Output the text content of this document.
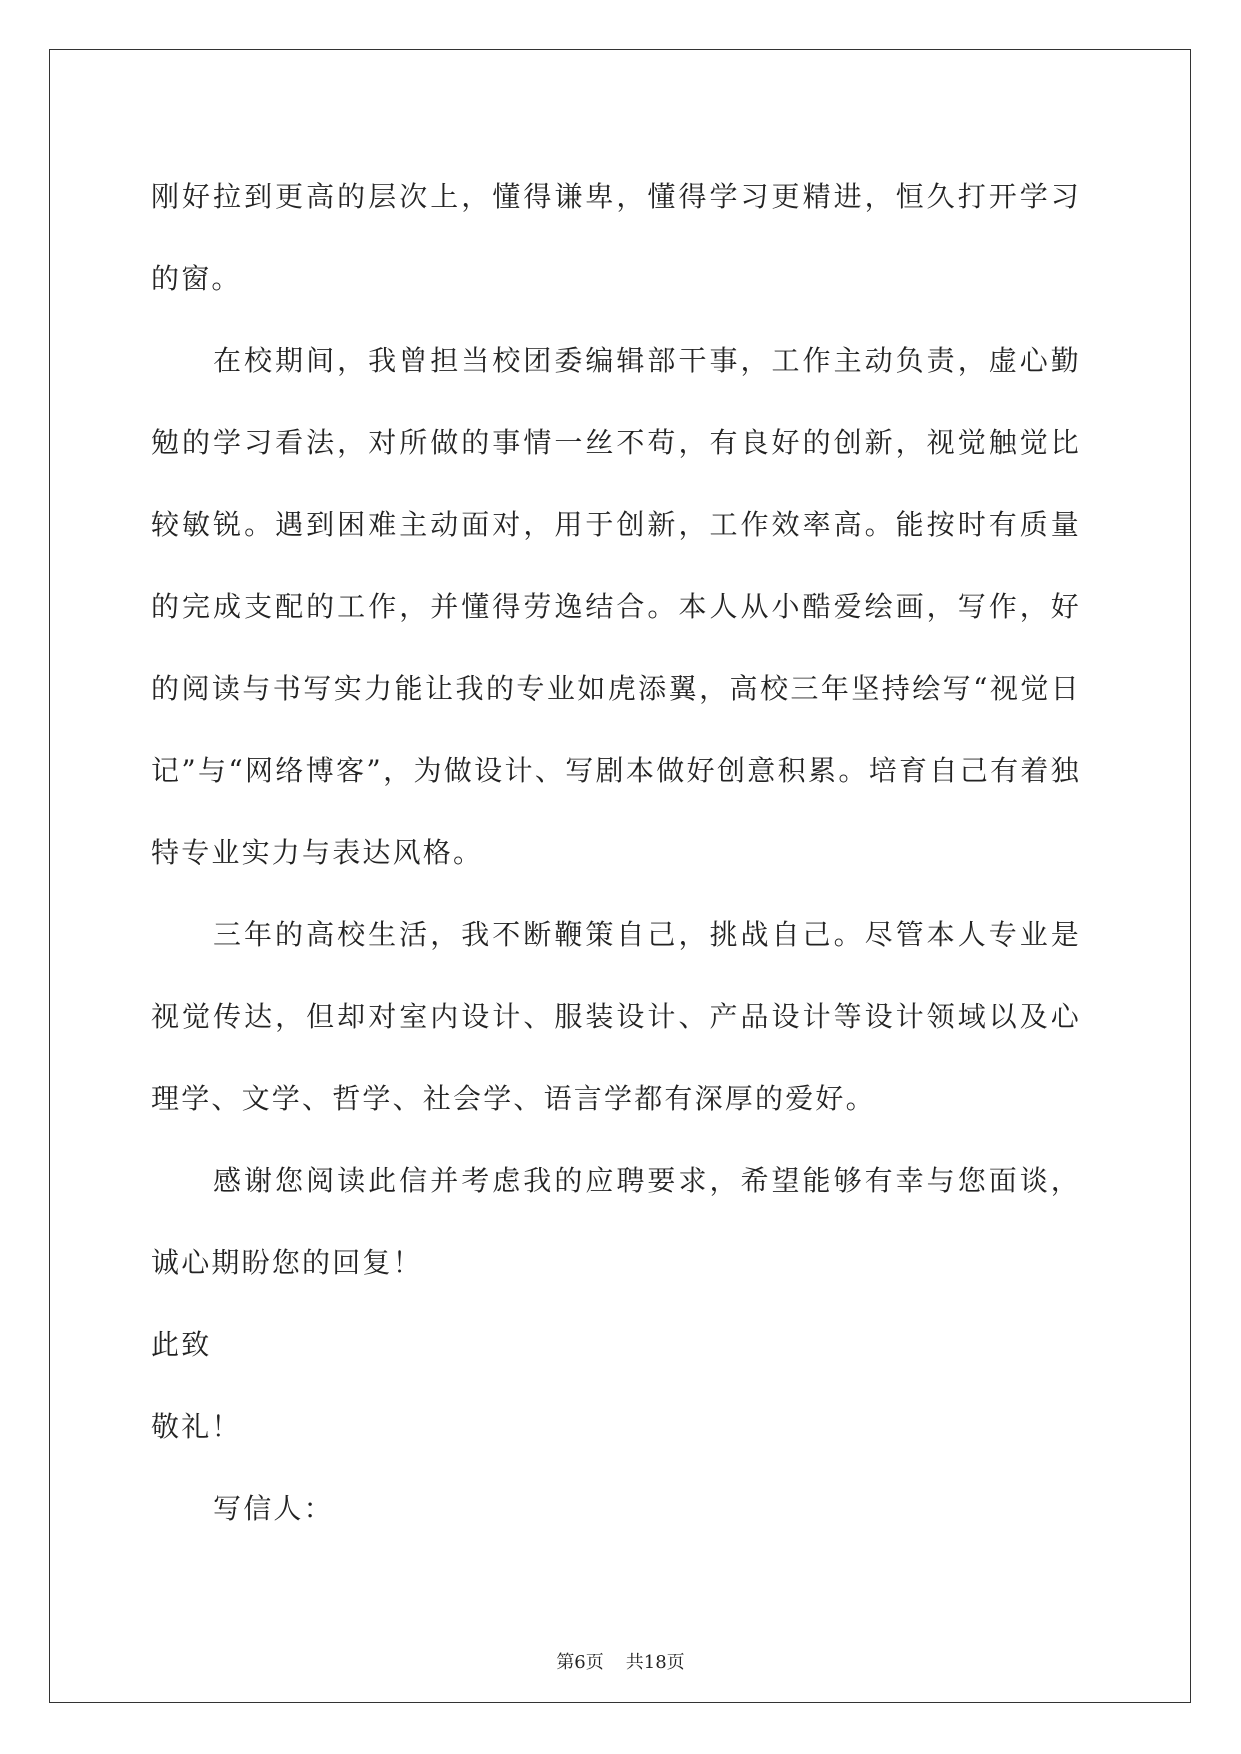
刚好拉到更高的层次上，懂得谦卑，懂得学习更精进，恒久打开学习的窗。

在校期间，我曾担当校团委编辑部干事，工作主动负责，虚心勤勉的学习看法，对所做的事情一丝不苟，有良好的创新，视觉触觉比较敏锐。遇到困难主动面对，用于创新，工作效率高。能按时有质量的完成支配的工作，并懂得劳逸结合。本人从小酷爱绘画，写作，好的阅读与书写实力能让我的专业如虎添翼，高校三年坚持绘写“视觉日记”与“网络博客”，为做设计、写剧本做好创意积累。培育自己有着独特专业实力与表达风格。

三年的高校生活，我不断鞭策自己，挑战自己。尽管本人专业是视觉传达，但却对室内设计、服装设计、产品设计等设计领域以及心理学、文学、哲学、社会学、语言学都有深厚的爱好。

感谢您阅读此信并考虑我的应聘要求，希望能够有幸与您面谈，诚心期盼您的回复！

此致

敬礼！

写信人：

第6页 共18页
